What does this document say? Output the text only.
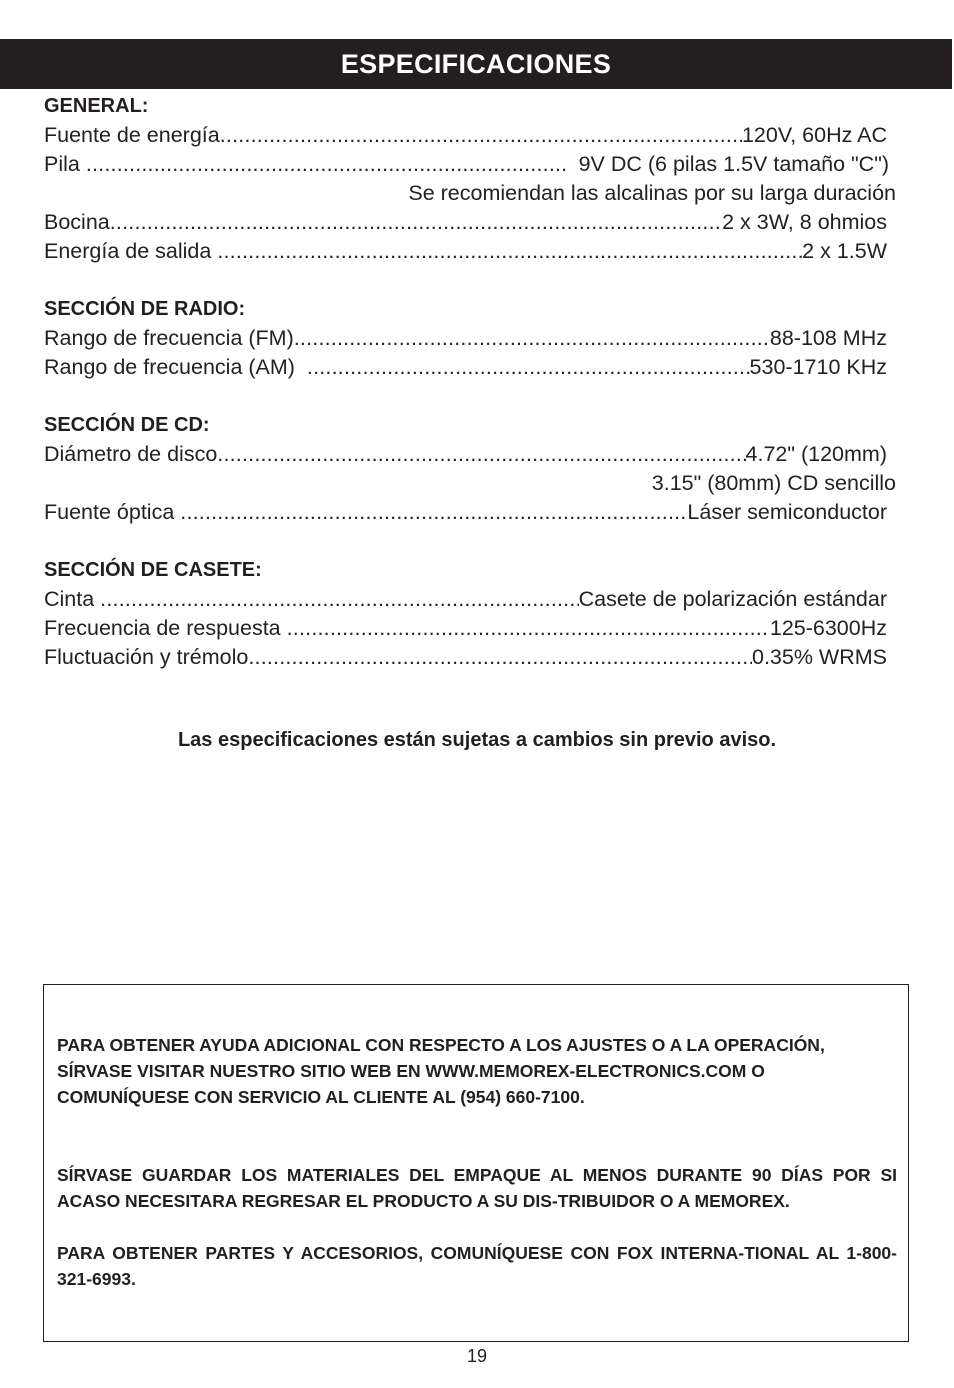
ESPECIFICACIONES
GENERAL:
Fuente de energía .....	120V, 60Hz AC
Pila .....	9V DC (6 pilas 1.5V tamaño "C")
Se recomiendan las alcalinas por su larga duración
Bocina .....	2 x 3W, 8 ohmios
Energía de salida .....	2 x 1.5W
SECCIÓN DE RADIO:
Rango de frecuencia (FM) .....	88-108 MHz
Rango de frecuencia (AM) .....	530-1710 KHz
SECCIÓN DE CD:
Diámetro de disco .....	4.72" (120mm)
3.15" (80mm) CD sencillo
Fuente óptica .....	Láser semiconductor
SECCIÓN DE CASETE:
Cinta .....	Casete de polarización estándar
Frecuencia de respuesta .....	125-6300Hz
Fluctuación y trémolo .....	0.35% WRMS
Las especificaciones están sujetas a cambios sin previo aviso.
PARA OBTENER AYUDA ADICIONAL CON RESPECTO A LOS AJUSTES O A LA OPERACIÓN, SÍRVASE VISITAR NUESTRO SITIO WEB EN WWW.MEMOREX-ELECTRONICS.COM O COMUNÍQUESE CON SERVICIO AL CLIENTE AL (954) 660-7100.
SÍRVASE GUARDAR LOS MATERIALES DEL EMPAQUE AL MENOS DURANTE 90 DÍAS POR SI ACASO NECESITARA REGRESAR EL PRODUCTO A SU DIS-TRIBUIDOR O A MEMOREX.
PARA OBTENER PARTES Y ACCESORIOS, COMUNÍQUESE CON FOX INTERNA-TIONAL AL 1-800-321-6993.
19
